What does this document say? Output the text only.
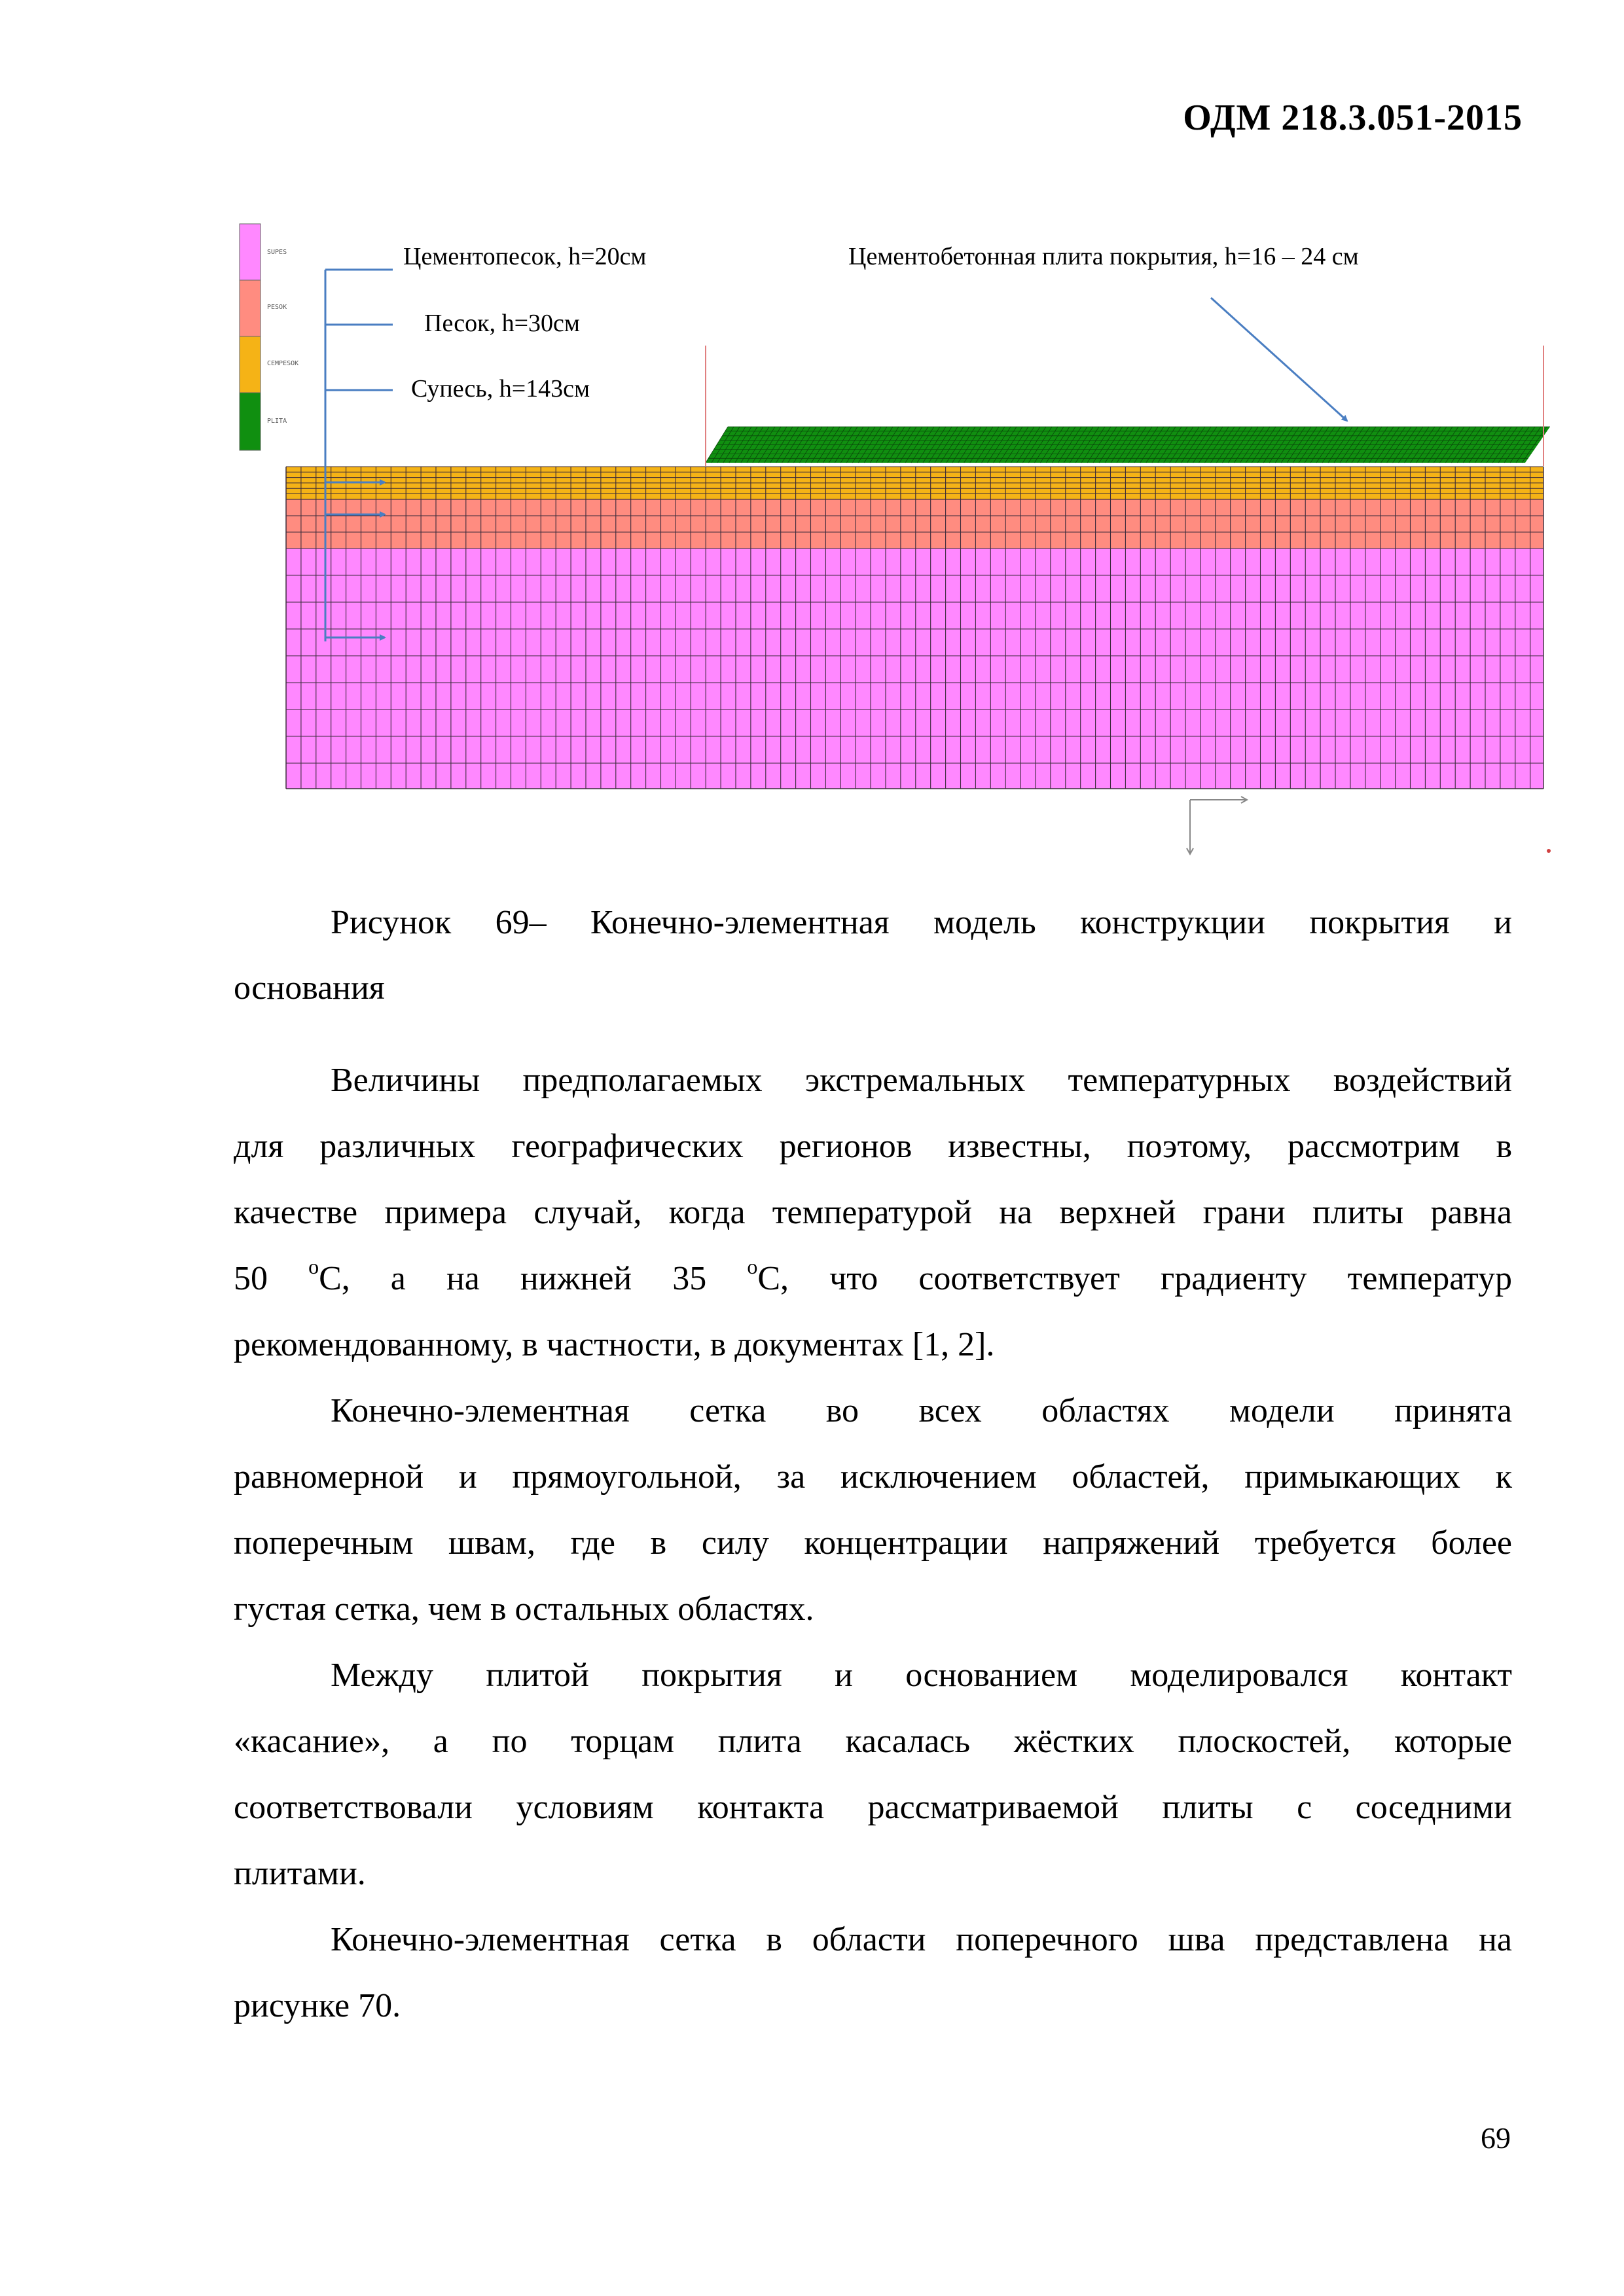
ОДМ 218.3.051-2015
SUPES
PESOK
CEMPESOK
PLITA
Цементопесок, h=20см
Песок, h=30см
Супесь, h=143см
Цементобетонная плита покрытия, h=16 – 24 см
Рисунок 69– Конечно-элементная модель конструкции покрытия и
основания
Величины предполагаемых экстремальных температурных воздействий
для различных географических регионов известны, поэтому, рассмотрим в
качестве примера случай, когда температурой на верхней грани плиты равна
50 $^o$С, а на нижней 35 $^o$С, что соответствует градиенту температур
рекомендованному, в частности, в документах [1, 2].
Конечно-элементная сетка во всех областях модели принята
равномерной и прямоугольной, за исключением областей, примыкающих к
поперечным швам, где в силу концентрации напряжений требуется более
густая сетка, чем в остальных областях.
Между плитой покрытия и основанием моделировался контакт
«касание», а по торцам плита касалась жёстких плоскостей, которые
соответствовали условиям контакта рассматриваемой плиты с соседними
плитами.
Конечно-элементная сетка в области поперечного шва представлена на
рисунке 70.
69
